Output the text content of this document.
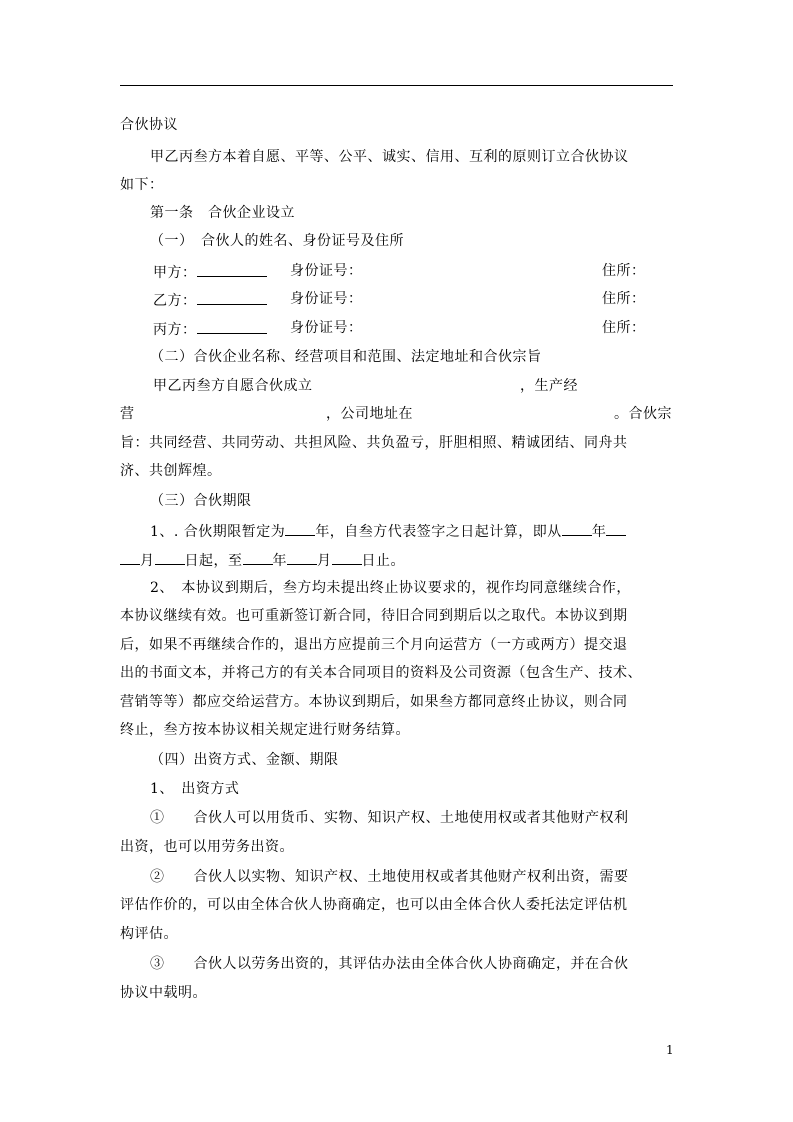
合伙协议
甲乙丙叁方本着自愿、平等、公平、诚实、信用、互利的原则订立合伙协议
如下：
第一条　合伙企业设立
（一）　合伙人的姓名、身份证号及住所
甲方：	身份证号：	住所：
乙方：	身份证号：	住所：
丙方：	身份证号：	住所：
（二）合伙企业名称、经营项目和范围、法定地址和合伙宗旨
甲乙丙叁方自愿合伙成立	，生产经
营	，公司地址在	。合伙宗
旨：共同经营、共同劳动、共担风险、共负盈亏，肝胆相照、精诚团结、同舟共
济、共创辉煌。
（三）合伙期限
1、. 合伙期限暂定为 年，自叁方代表签字之日起计算，即从 年
月 日起，至 年 月 日止。
2、　本协议到期后，叁方均未提出终止协议要求的，视作均同意继续合作，
本协议继续有效。也可重新签订新合同，待旧合同到期后以之取代。本协议到期
后，如果不再继续合作的，退出方应提前三个月向运营方（一方或两方）提交退
出的书面文本，并将己方的有关本合同项目的资料及公司资源（包含生产、技术、
营销等等）都应交给运营方。本协议到期后，如果叁方都同意终止协议，则合同
终止，叁方按本协议相关规定进行财务结算。
（四）出资方式、金额、期限
1、　出资方式
①　　合伙人可以用货币、实物、知识产权、土地使用权或者其他财产权利
出资，也可以用劳务出资。
②　　合伙人以实物、知识产权、土地使用权或者其他财产权利出资，需要
评估作价的，可以由全体合伙人协商确定，也可以由全体合伙人委托法定评估机
构评估。
③　　合伙人以劳务出资的，其评估办法由全体合伙人协商确定，并在合伙
协议中载明。
1
